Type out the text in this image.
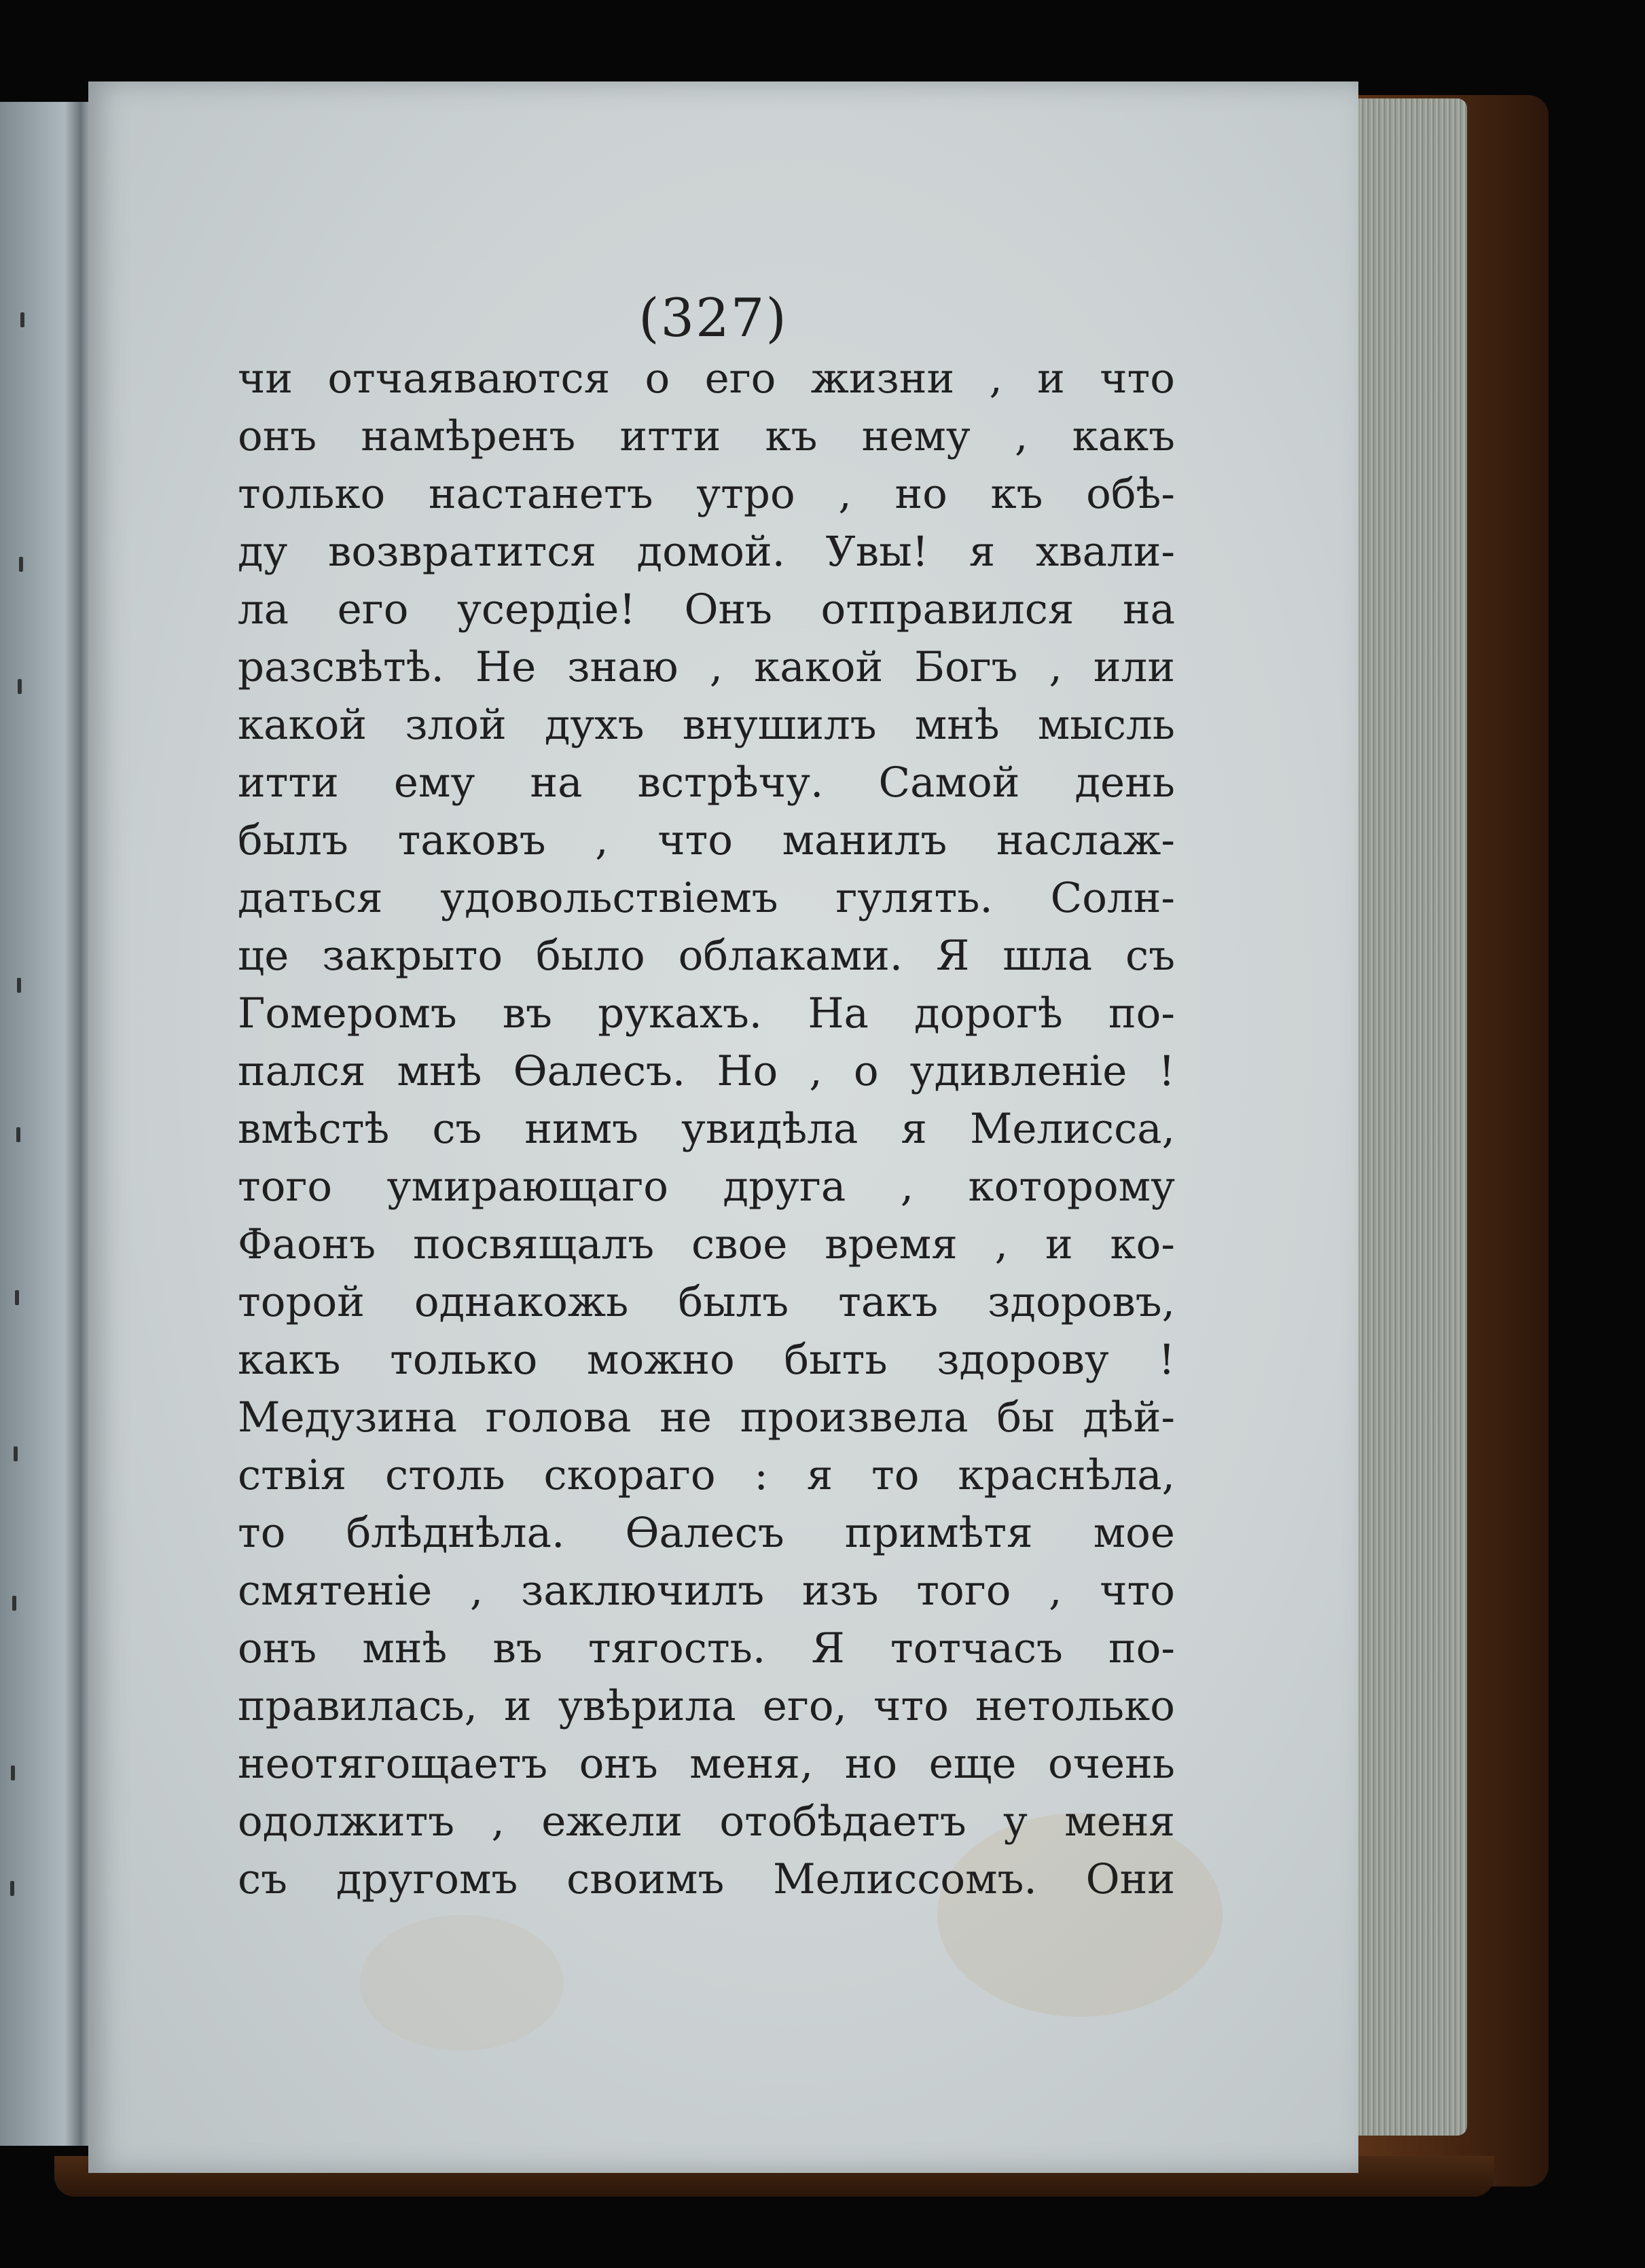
(327)
чи отчаяваются о его жизни , и что
онъ намѣренъ итти къ нему , какъ
только настанетъ утро , но къ обѣ-
ду возвратится домой. Увы! я хвали-
ла его усердіе! Онъ отправился на
разсвѣтѣ. Не знаю , какой Богъ , или
какой злой духъ внушилъ мнѣ мысль
итти ему на встрѣчу. Самой день
былъ таковъ , что манилъ наслаж-
даться удовольствіемъ гулять. Солн-
це закрыто было облаками. Я шла съ
Гомеромъ въ рукахъ. На дорогѣ по-
пался мнѣ Ѳалесъ. Но , о удивленіе !
вмѣстѣ съ нимъ увидѣла я Мелисса,
того умирающаго друга , которому
Фаонъ посвящалъ свое время , и ко-
торой однакожь былъ такъ здоровъ,
какъ только можно быть здорову !
Медузина голова не произвела бы дѣй-
ствія столь скораго : я то краснѣла,
то блѣднѣла. Ѳалесъ примѣтя мое
смятеніе , заключилъ изъ того , что
онъ мнѣ въ тягость. Я тотчасъ по-
правилась, и увѣрила его, что нетолько
неотягощаетъ онъ меня, но еще очень
одолжитъ , ежели отобѣдаетъ у меня
съ другомъ своимъ Мелиссомъ. Они
